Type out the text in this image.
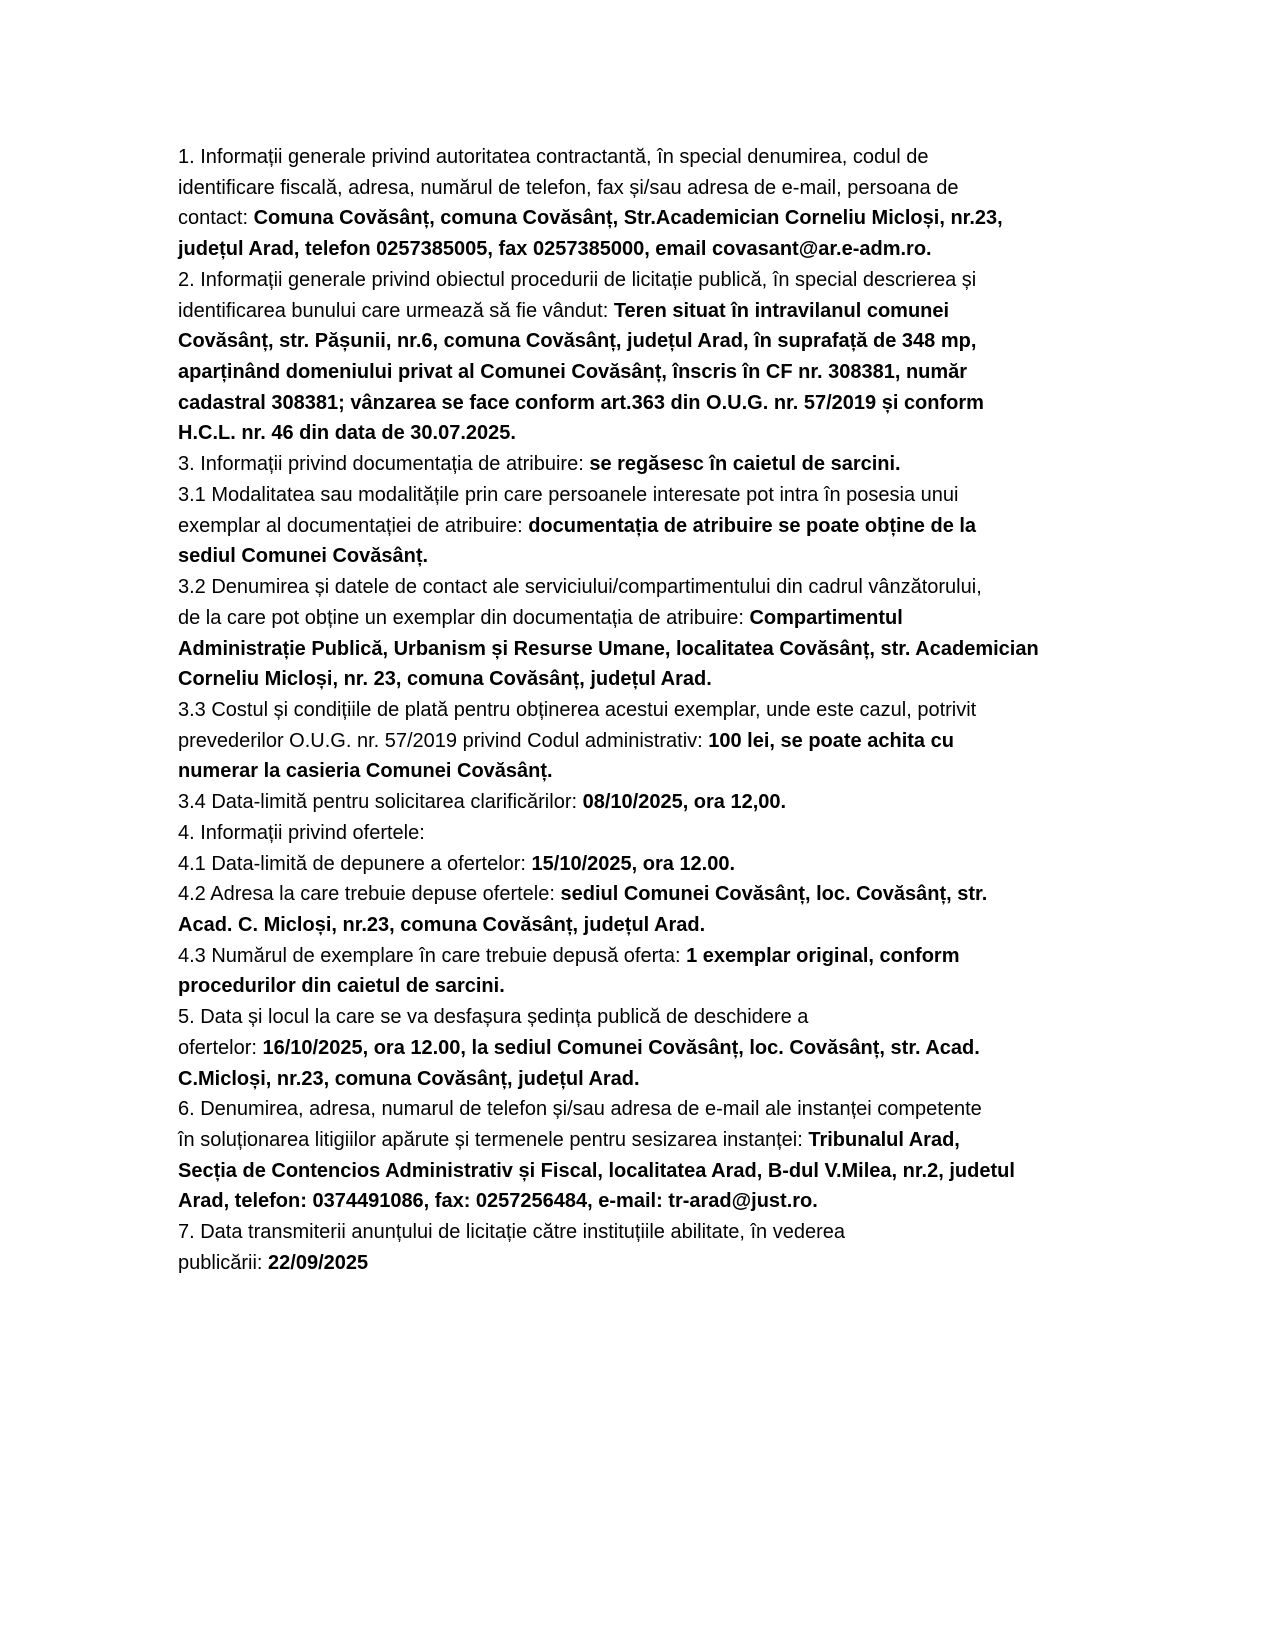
1. Informații generale privind autoritatea contractantă, în special denumirea, codul de
identificare fiscală, adresa, numărul de telefon, fax și/sau adresa de e-mail, persoana de
contact: Comuna Covăsânț, comuna Covăsânț, Str.Academician Corneliu Micloși, nr.23,
județul Arad, telefon 0257385005, fax 0257385000, email covasant@ar.e-adm.ro.
2. Informații generale privind obiectul procedurii de licitație publică, în special descrierea și
identificarea bunului care urmează să fie vândut: Teren situat în intravilanul comunei
Covăsânț, str. Pășunii, nr.6, comuna Covăsânț, județul Arad, în suprafață de 348 mp,
aparținând domeniului privat al Comunei Covăsânț, înscris în CF nr. 308381, număr
cadastral 308381; vânzarea se face conform art.363 din O.U.G. nr. 57/2019 și conform
H.C.L. nr. 46 din data de 30.07.2025.
3. Informații privind documentația de atribuire: se regăsesc în caietul de sarcini.
3.1 Modalitatea sau modalitățile prin care persoanele interesate pot intra în posesia unui
exemplar al documentației de atribuire: documentația de atribuire se poate obține de la
sediul Comunei Covăsânț.
3.2 Denumirea și datele de contact ale serviciului/compartimentului din cadrul vânzătorului,
de la care pot obține un exemplar din documentația de atribuire: Compartimentul
Administrație Publică, Urbanism și Resurse Umane, localitatea Covăsânț, str. Academician
Corneliu Micloși, nr. 23, comuna Covăsânț, județul Arad.
3.3 Costul și condițiile de plată pentru obținerea acestui exemplar, unde este cazul, potrivit
prevederilor O.U.G. nr. 57/2019 privind Codul administrativ: 100 lei, se poate achita cu
numerar la casieria Comunei Covăsânț.
3.4 Data-limită pentru solicitarea clarificărilor: 08/10/2025, ora 12,00.
4. Informații privind ofertele:
4.1 Data-limită de depunere a ofertelor: 15/10/2025, ora 12.00.
4.2 Adresa la care trebuie depuse ofertele: sediul Comunei Covăsânț, loc. Covăsânț, str.
Acad. C. Micloși, nr.23, comuna Covăsânț, județul Arad.
4.3 Numărul de exemplare în care trebuie depusă oferta: 1 exemplar original, conform
procedurilor din caietul de sarcini.
5. Data și locul la care se va desfașura ședința publică de deschidere a
ofertelor: 16/10/2025, ora 12.00, la sediul Comunei Covăsânț, loc. Covăsânț, str. Acad.
C.Micloși, nr.23, comuna Covăsânț, județul Arad.
6. Denumirea, adresa, numarul de telefon și/sau adresa de e-mail ale instanței competente
în soluționarea litigiilor apărute și termenele pentru sesizarea instanței: Tribunalul Arad,
Secția de Contencios Administrativ și Fiscal, localitatea Arad, B-dul V.Milea, nr.2, judetul
Arad, telefon: 0374491086, fax: 0257256484, e-mail: tr-arad@just.ro.
7. Data transmiterii anunțului de licitație către instituțiile abilitate, în vederea
publicării: 22/09/2025
